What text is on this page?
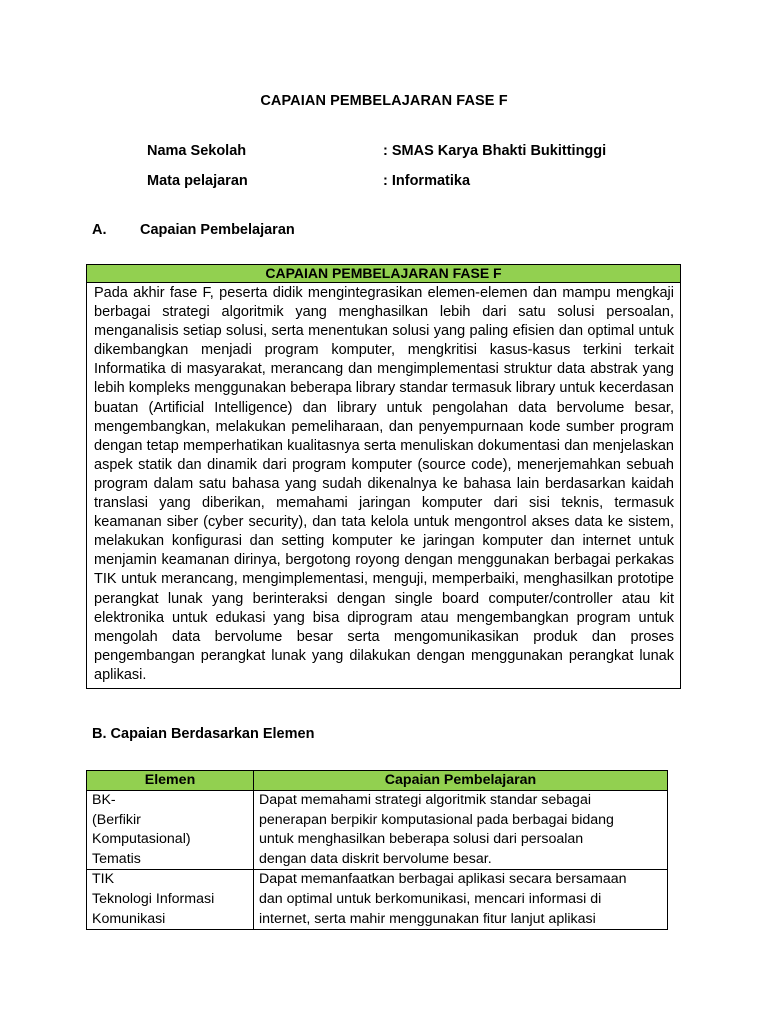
CAPAIAN PEMBELAJARAN FASE F
Nama Sekolah	: SMAS Karya Bhakti Bukittinggi
Mata pelajaran	: Informatika
A. Capaian Pembelajaran
CAPAIAN PEMBELAJARAN FASE F
Pada akhir fase F, peserta didik mengintegrasikan elemen-elemen dan mampu mengkaji berbagai strategi algoritmik yang menghasilkan lebih dari satu solusi persoalan, menganalisis setiap solusi, serta menentukan solusi yang paling efisien dan optimal untuk dikembangkan menjadi program komputer, mengkritisi kasus-kasus terkini terkait Informatika di masyarakat, merancang dan mengimplementasi struktur data abstrak yang lebih kompleks menggunakan beberapa library standar termasuk library untuk kecerdasan buatan (Artificial Intelligence) dan library untuk pengolahan data bervolume besar, mengembangkan, melakukan pemeliharaan, dan penyempurnaan kode sumber program dengan tetap memperhatikan kualitasnya serta menuliskan dokumentasi dan menjelaskan aspek statik dan dinamik dari program komputer (source code), menerjemahkan sebuah program dalam satu bahasa yang sudah dikenalnya ke bahasa lain berdasarkan kaidah translasi yang diberikan, memahami jaringan komputer dari sisi teknis, termasuk keamanan siber (cyber security), dan tata kelola untuk mengontrol akses data ke sistem, melakukan konfigurasi dan setting komputer ke jaringan komputer dan internet untuk menjamin keamanan dirinya, bergotong royong dengan menggunakan berbagai perkakas TIK untuk merancang, mengimplementasi, menguji, memperbaiki, menghasilkan prototipe perangkat lunak yang berinteraksi dengan single board computer/controller atau kit elektronika untuk edukasi yang bisa diprogram atau mengembangkan program untuk mengolah data bervolume besar serta mengomunikasikan produk dan proses pengembangan perangkat lunak yang dilakukan dengan menggunakan perangkat lunak aplikasi.
B. Capaian Berdasarkan Elemen
Elemen	Capaian Pembelajaran

BK-
(Berfikir
Komputasional)
Tematis	Dapat memahami strategi algoritmik standar sebagai
penerapan berpikir komputasional pada berbagai bidang
untuk menghasilkan beberapa solusi dari persoalan
dengan data diskrit bervolume besar.

TIK
Teknologi Informasi
Komunikasi	Dapat memanfaatkan berbagai aplikasi secara bersamaan
dan optimal untuk berkomunikasi, mencari informasi di
internet, serta mahir menggunakan fitur lanjut aplikasi
